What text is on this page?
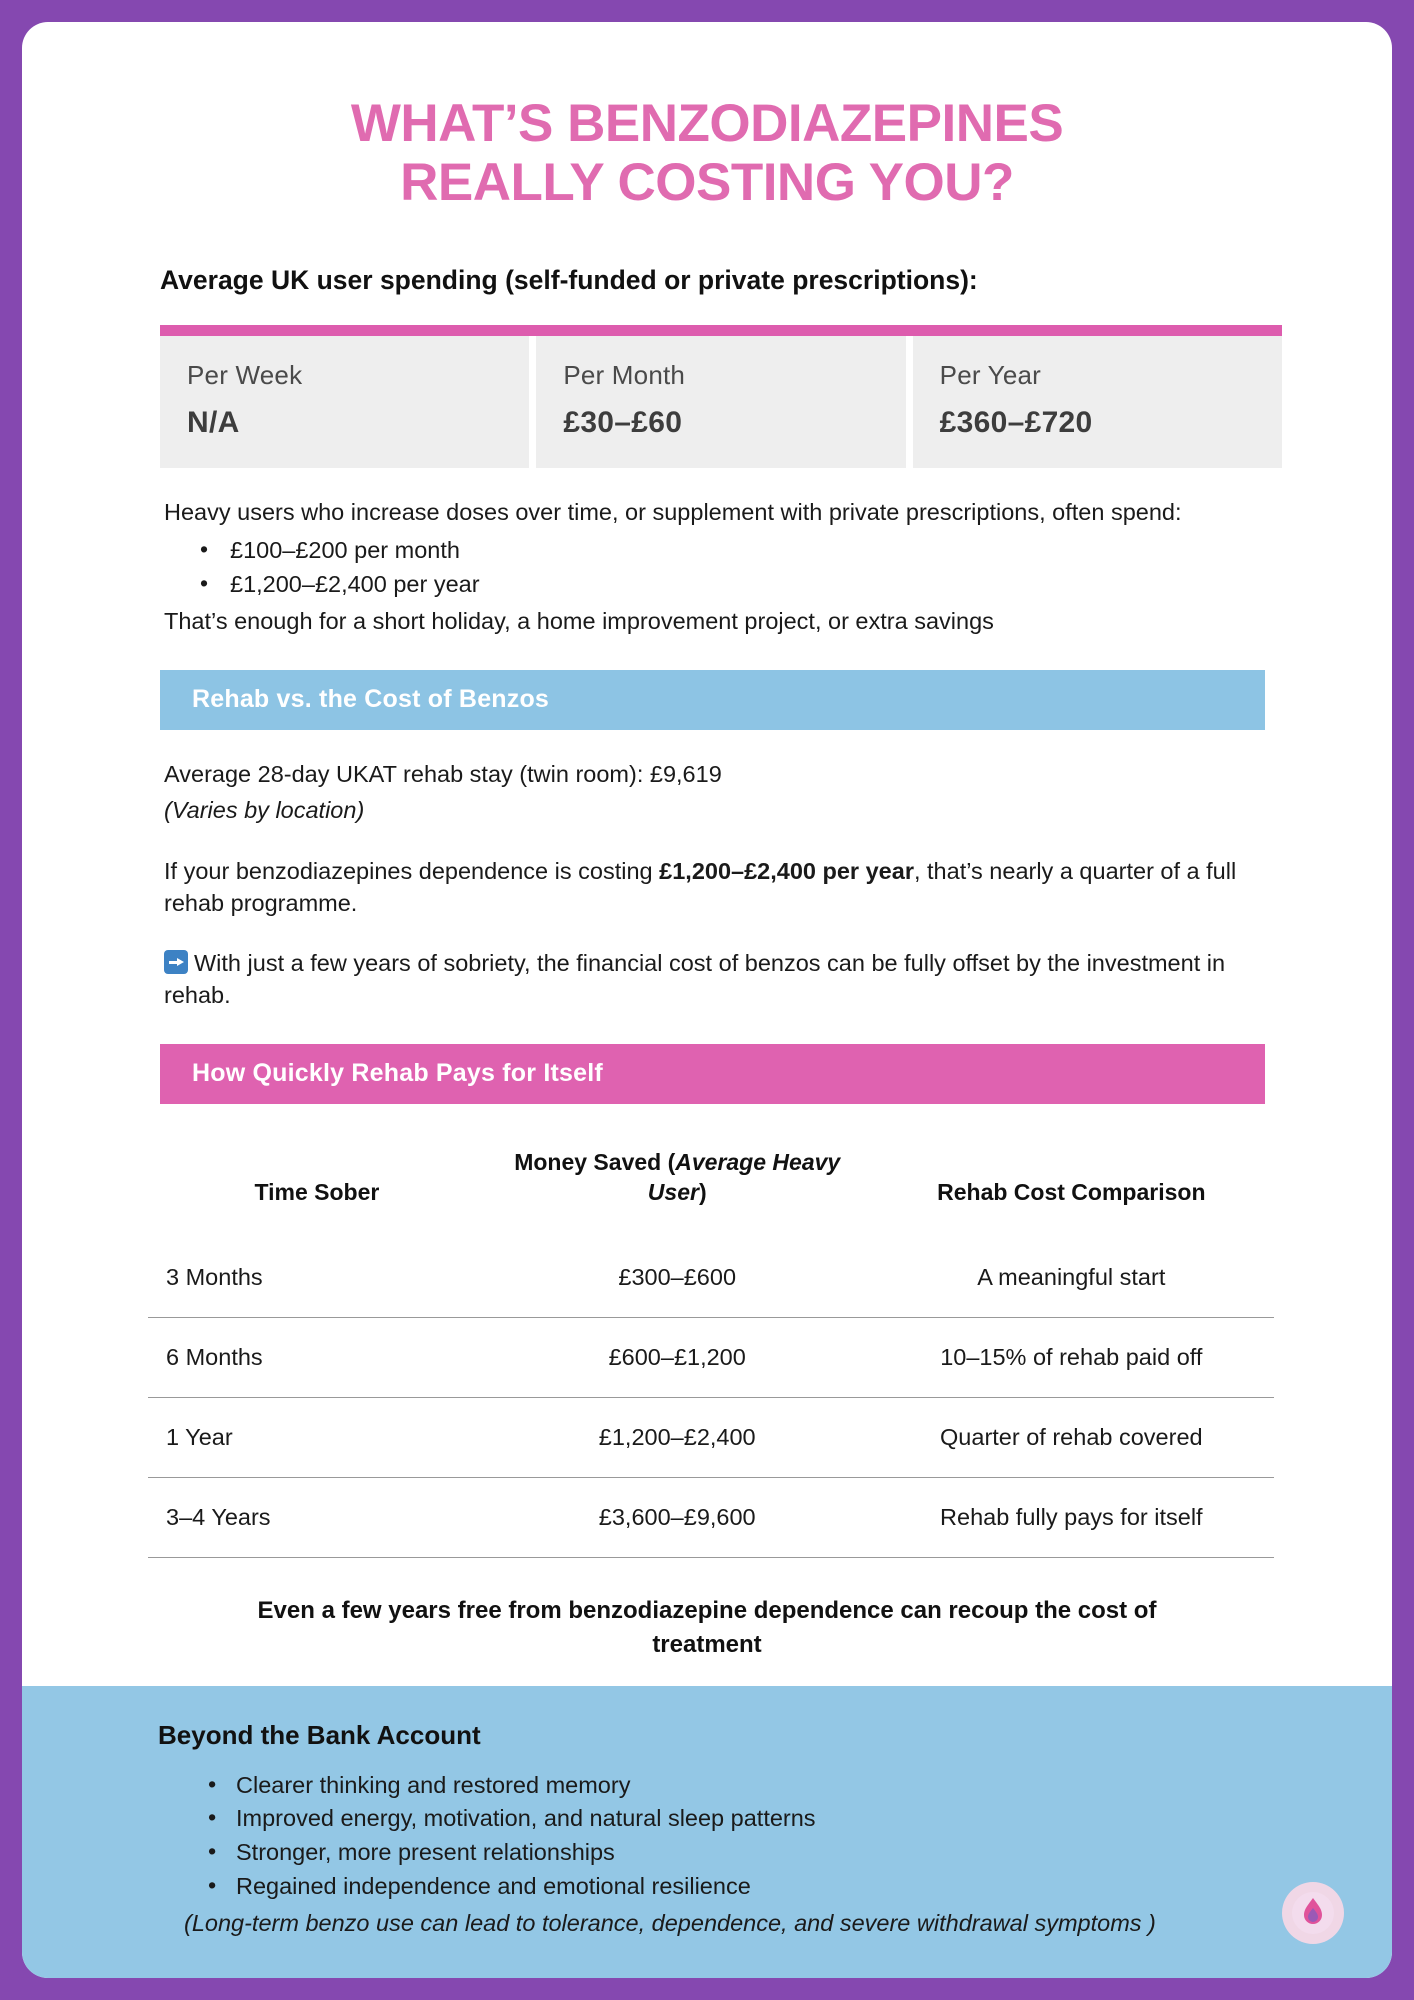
WHAT’S BENZODIAZEPINES
REALLY COSTING YOU?
Average UK user spending (self-funded or private prescriptions):
Per Week
N/A
Per Month
£30–£60
Per Year
£360–£720
Heavy users who increase doses over time, or supplement with private prescriptions, often spend:
• £100–£200 per month
• £1,200–£2,400 per year
That’s enough for a short holiday, a home improvement project, or extra savings
Rehab vs. the Cost of Benzos
Average 28-day UKAT rehab stay (twin room): £9,619
(Varies by location)
If your benzodiazepines dependence is costing £1,200–£2,400 per year, that’s nearly a quarter of a full rehab programme.
With just a few years of sobriety, the financial cost of benzos can be fully offset by the investment in rehab.
How Quickly Rehab Pays for Itself
Time Sober	Money Saved (Average Heavy User)	Rehab Cost Comparison
3 Months	£300–£600	A meaningful start
6 Months	£600–£1,200	10–15% of rehab paid off
1 Year	£1,200–£2,400	Quarter of rehab covered
3–4 Years	£3,600–£9,600	Rehab fully pays for itself
Even a few years free from benzodiazepine dependence can recoup the cost of treatment
Beyond the Bank Account
• Clearer thinking and restored memory
• Improved energy, motivation, and natural sleep patterns
• Stronger, more present relationships
• Regained independence and emotional resilience
(Long-term benzo use can lead to tolerance, dependence, and severe withdrawal symptoms )
